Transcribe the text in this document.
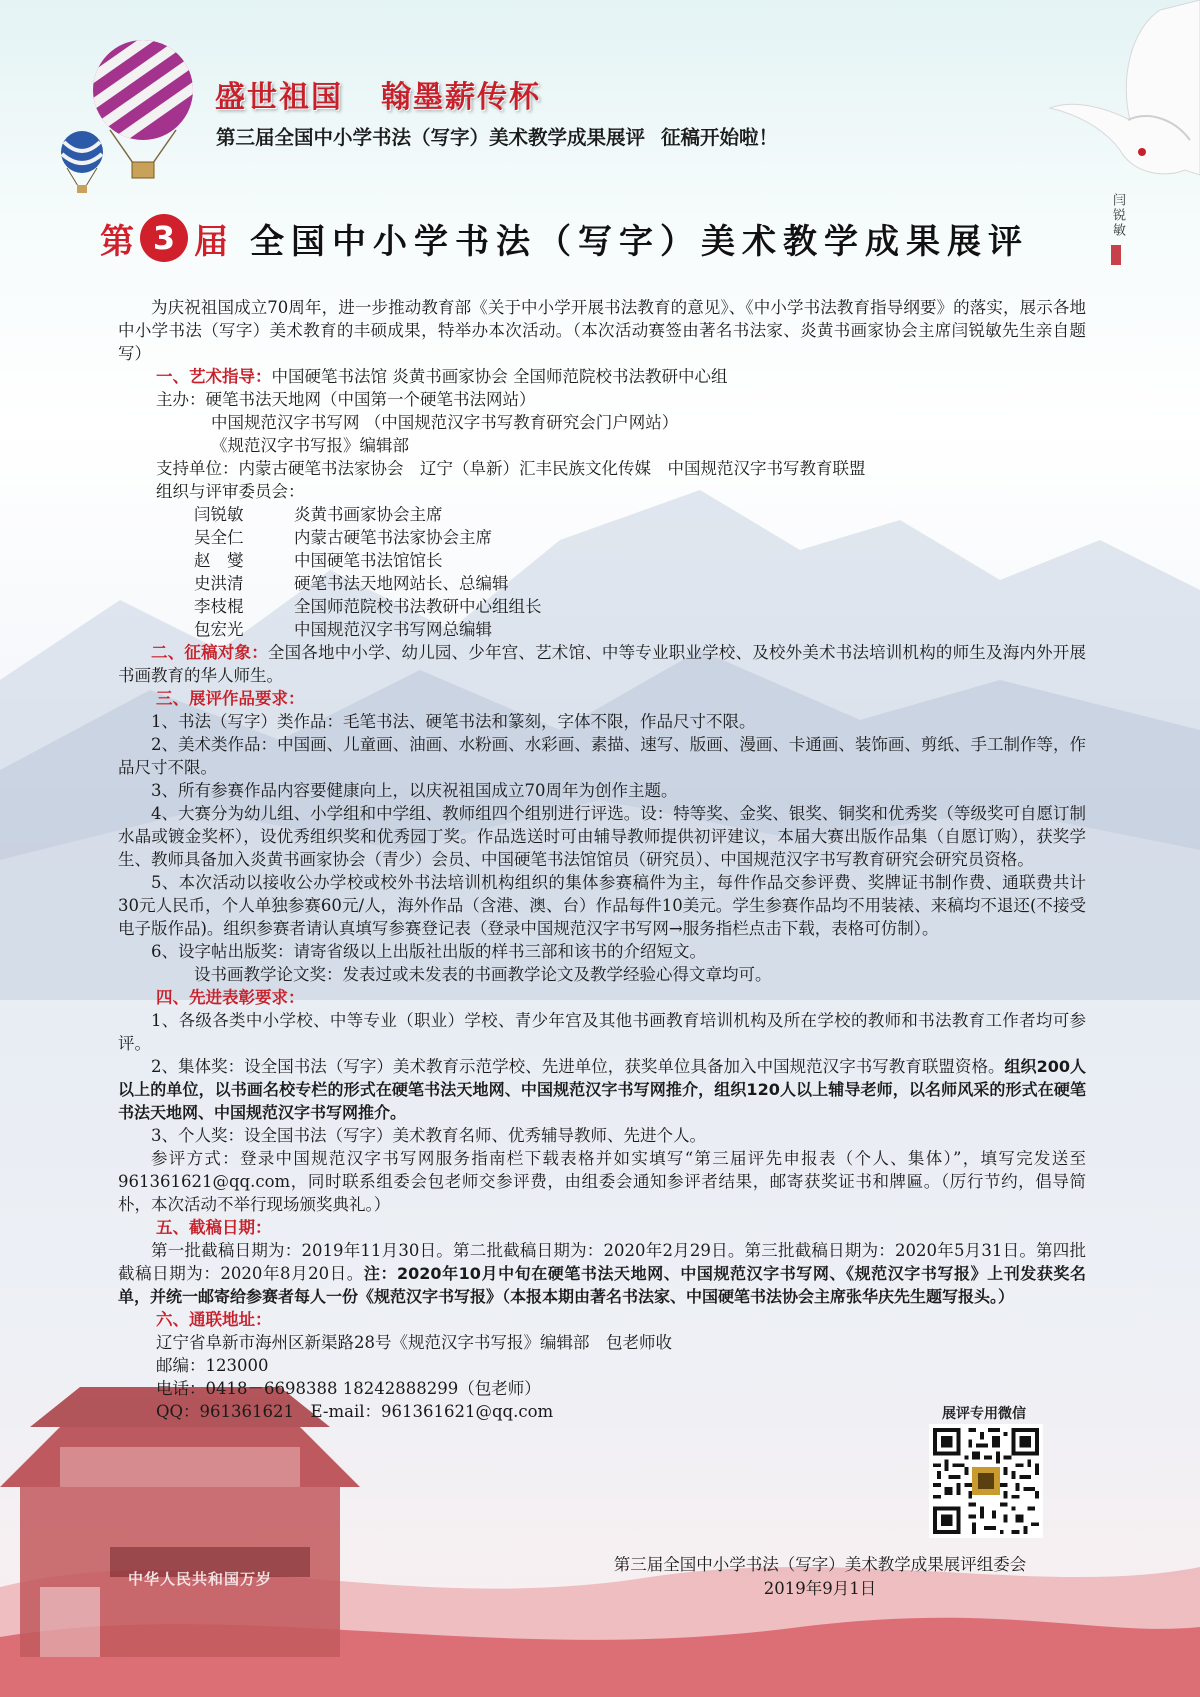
中华人民共和国万岁
盛世祖国 翰墨薪传杯
第三届全国中小学书法（写字）美术教学成果展评 征稿开始啦！
第 3 届 全国中小学书法（写字）美术教学成果展评
闫锐敏

为庆祝祖国成立70周年，进一步推动教育部《关于中小学开展书法教育的意见》、《中小学书法教育指导纲要》的落实，展示各地中小学书法（写字）美术教育的丰硕成果，特举办本次活动。（本次活动赛签由著名书法家、炎黄书画家协会主席闫锐敏先生亲自题写）

一、艺术指导：中国硬笔书法馆 炎黄书画家协会 全国师范院校书法教研中心组

主办：硬笔书法天地网（中国第一个硬笔书法网站）

中国规范汉字书写网 （中国规范汉字书写教育研究会门户网站）

《规范汉字书写报》编辑部

支持单位：内蒙古硬笔书法家协会　辽宁（阜新）汇丰民族文化传媒　中国规范汉字书写教育联盟

组织与评审委员会：

闫锐敏	炎黄书画家协会主席
吴全仁	内蒙古硬笔书法家协会主席
赵　燮	中国硬笔书法馆馆长
史洪清	硬笔书法天地网站长、总编辑
李枝棍	全国师范院校书法教研中心组组长
包宏光	中国规范汉字书写网总编辑

二、征稿对象：全国各地中小学、幼儿园、少年宫、艺术馆、中等专业职业学校、及校外美术书法培训机构的师生及海内外开展书画教育的华人师生。

三、展评作品要求：

1、书法（写字）类作品：毛笔书法、硬笔书法和篆刻，字体不限，作品尺寸不限。

2、美术类作品：中国画、儿童画、油画、水粉画、水彩画、素描、速写、版画、漫画、卡通画、装饰画、剪纸、手工制作等，作品尺寸不限。

3、所有参赛作品内容要健康向上，以庆祝祖国成立70周年为创作主题。

4、大赛分为幼儿组、小学组和中学组、教师组四个组别进行评选。设：特等奖、金奖、银奖、铜奖和优秀奖（等级奖可自愿订制水晶或镀金奖杯），设优秀组织奖和优秀园丁奖。作品选送时可由辅导教师提供初评建议，本届大赛出版作品集（自愿订购），获奖学生、教师具备加入炎黄书画家协会（青少）会员、中国硬笔书法馆馆员（研究员）、中国规范汉字书写教育研究会研究员资格。

5、本次活动以接收公办学校或校外书法培训机构组织的集体参赛稿件为主，每件作品交参评费、奖牌证书制作费、通联费共计30元人民币，个人单独参赛60元/人，海外作品（含港、澳、台）作品每件10美元。学生参赛作品均不用装裱、来稿均不退还(不接受电子版作品)。组织参赛者请认真填写参赛登记表（登录中国规范汉字书写网→服务指栏点击下载，表格可仿制）。

6、设字帖出版奖：请寄省级以上出版社出版的样书三部和该书的介绍短文。

设书画教学论文奖：发表过或未发表的书画教学论文及教学经验心得文章均可。

四、先进表彰要求：

1、各级各类中小学校、中等专业（职业）学校、青少年宫及其他书画教育培训机构及所在学校的教师和书法教育工作者均可参评。

2、集体奖：设全国书法（写字）美术教育示范学校、先进单位，获奖单位具备加入中国规范汉字书写教育联盟资格。组织200人以上的单位，以书画名校专栏的形式在硬笔书法天地网、中国规范汉字书写网推介，组织120人以上辅导老师，以名师风采的形式在硬笔书法天地网、中国规范汉字书写网推介。

3、个人奖：设全国书法（写字）美术教育名师、优秀辅导教师、先进个人。

参评方式：登录中国规范汉字书写网服务指南栏下载表格并如实填写“第三届评先申报表（个人、集体）”，填写完发送至961361621@qq.com，同时联系组委会包老师交参评费，由组委会通知参评者结果，邮寄获奖证书和牌匾。（厉行节约，倡导简朴，本次活动不举行现场颁奖典礼。）

五、截稿日期：

第一批截稿日期为：2019年11月30日。第二批截稿日期为：2020年2月29日。第三批截稿日期为：2020年5月31日。第四批截稿日期为：2020年8月20日。注：2020年10月中旬在硬笔书法天地网、中国规范汉字书写网、《规范汉字书写报》上刊发获奖名单，并统一邮寄给参赛者每人一份《规范汉字书写报》（本报本期由著名书法家、中国硬笔书法协会主席张华庆先生题写报头。）

六、通联地址：

辽宁省阜新市海州区新渠路28号《规范汉字书写报》编辑部　包老师收

邮编：123000

电话：0418－6698388 18242888299（包老师）

QQ：961361621　E-mail：961361621@qq.com	展评专用微信
第三届全国中小学书法（写字）美术教学成果展评组委会
2019年9月1日
